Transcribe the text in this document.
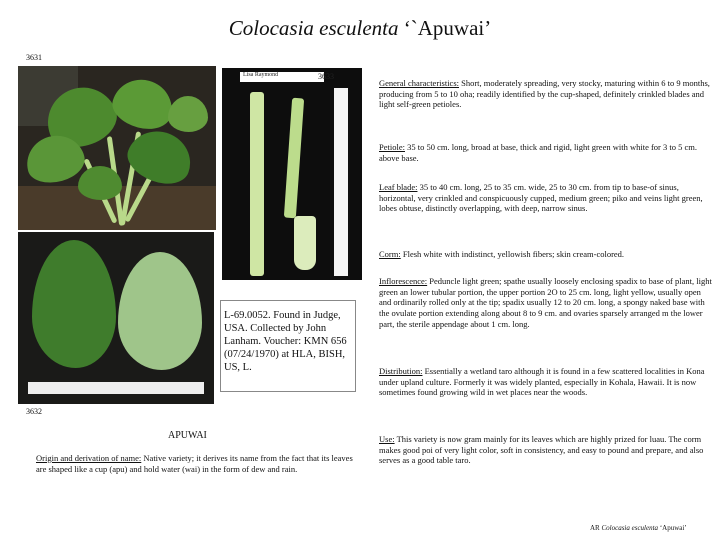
Colocasia esculenta ‘`Apuwai’
3631
Lisa Raymond	3633
L-69.0052. Found in Judge, USA. Collected by John Lanham. Voucher: KMN 656 (07/24/1970) at HLA, BISH, US, L.
3632
APUWAI
Origin and derivation of name: Native variety; it derives its name from the fact that its leaves are shaped like a cup (apu) and hold water (wai) in the form of dew and rain.
General characteristics: Short, moderately spreading, very stocky, maturing within 6 to 9 months, producing from 5 to 10 oha; readily identified by the cup-shaped, definitely crinkled blades and light self-green petioles.
Petiole: 35 to 50 cm. long, broad at base, thick and rigid, light green with white for 3 to 5 cm. above base.
Leaf blade: 35 to 40 cm. long, 25 to 35 cm. wide, 25 to 30 cm. from tip to base-of sinus, horizontal, very crinkled and conspicuously cupped, medium green; piko and veins light green, lobes obtuse, distinctly overlapping, with deep, narrow sinus.
Corm: Flesh white with indistinct, yellowish fibers; skin cream-colored.
Inflorescence: Peduncle light green; spathe usually loosely enclosing spadix to base of plant, light green an lower tubular portion, the upper portion 2O to 25 cm. long, light yellow, usually open and ordinarily rolled only at the tip; spadix usually 12 to 20 cm. long, a spongy naked base with the ovulate portion extending along about 8 to 9 cm. and ovaries sparsely arranged m the lower part, the sterile appendage about 1 cm. long.
Distribution: Essentially a wetland taro although it is found in a few scattered localities in Kona under upland culture. Formerly it was widely planted, especially in Kohala, Hawaii. It is now sometimes found growing wild in wet places near the woods.
Use: This variety is now gram mainly for its leaves which are highly prized for luau. The corm makes good poi of very light color, soft in consistency, and easy to pound and prepare, and also serves as a good table taro.
AR Colocasia esculenta ‘Apuwai’
